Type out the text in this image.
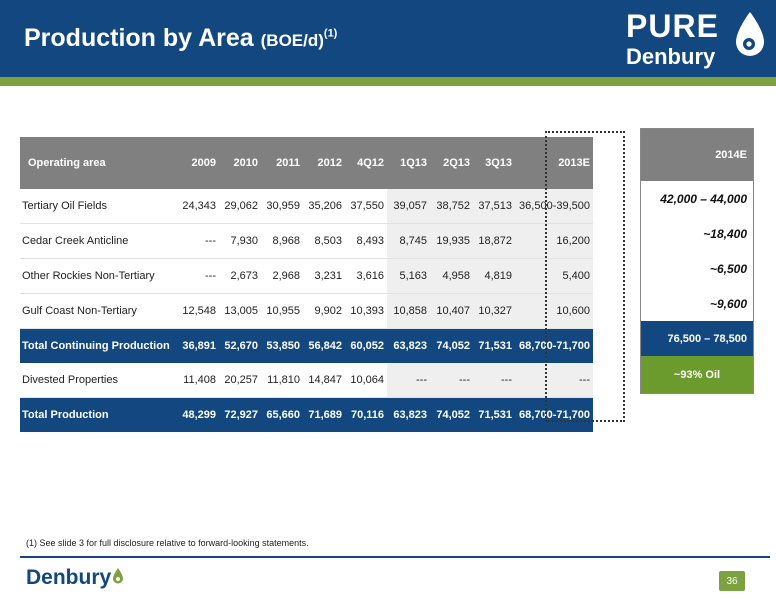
Production by Area $(BOE/d)^{(1)}$	PURE
Denbury
Operating area	2009	2010	2011	2012	4Q12	1Q13	2Q13	3Q13	2013E
Tertiary Oil Fields	24,343	29,062	30,959	35,206	37,550	39,057	38,752	37,513	36,500-39,500
Cedar Creek Anticline	---	7,930	8,968	8,503	8,493	8,745	19,935	18,872	16,200
Other Rockies Non-Tertiary	---	2,673	2,968	3,231	3,616	5,163	4,958	4,819	5,400
Gulf Coast Non-Tertiary	12,548	13,005	10,955	9,902	10,393	10,858	10,407	10,327	10,600
Total Continuing Production	36,891	52,670	53,850	56,842	60,052	63,823	74,052	71,531	68,700-71,700
Divested Properties	11,408	20,257	11,810	14,847	10,064	---	---	---	---
Total Production	48,299	72,927	65,660	71,689	70,116	63,823	74,052	71,531	68,700-71,700
2014E
42,000 – 44,000
~18,400
~6,500
~9,600
76,500 – 78,500
~93% Oil
(1) See slide 3 for full disclosure relative to forward-looking statements.
Denbury	36
